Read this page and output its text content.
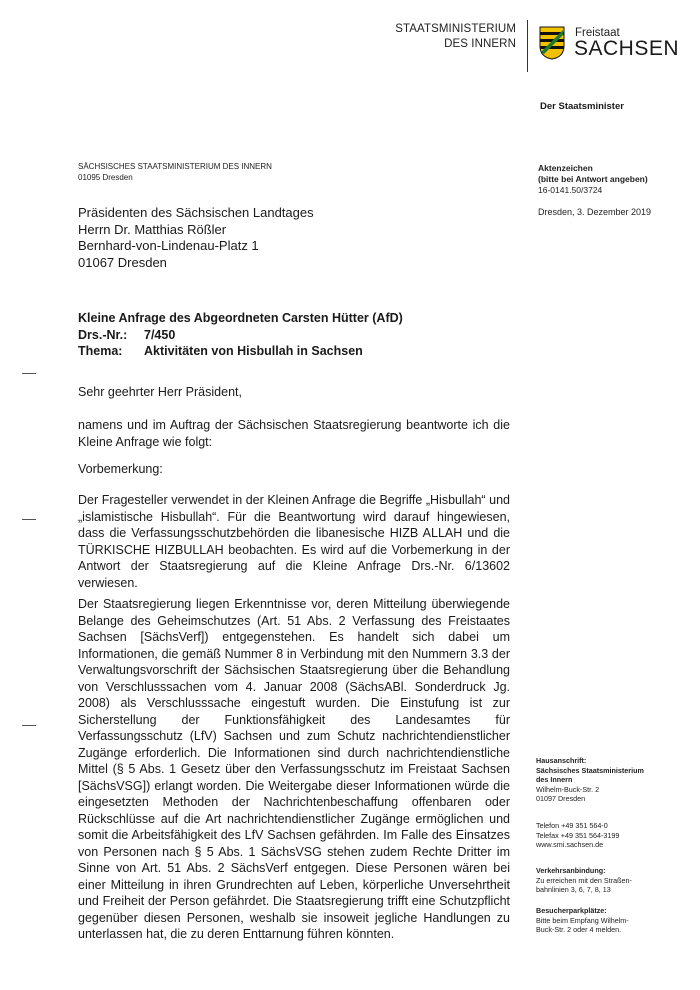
STAATSMINISTERIUM
DES INNERN
Freistaat
SACHSEN
Der Staatsminister
SÄCHSISCHES STAATSMINISTERIUM DES INNERN
01095 Dresden
Präsidenten des Sächsischen Landtages
Herrn Dr. Matthias Rößler
Bernhard-von-Lindenau-Platz 1
01067 Dresden
Aktenzeichen
(bitte bei Antwort angeben)
16-0141.50/3724
Dresden, 3. Dezember 2019
Kleine Anfrage des Abgeordneten Carsten Hütter (AfD)
Drs.-Nr.: 7/450
Thema: Aktivitäten von Hisbullah in Sachsen
Sehr geehrter Herr Präsident,
namens und im Auftrag der Sächsischen Staatsregierung beantworte ich die Kleine Anfrage wie folgt:
Vorbemerkung:
Der Fragesteller verwendet in der Kleinen Anfrage die Begriffe „Hisbullah“ und „islamistische Hisbullah“. Für die Beantwortung wird darauf hingewiesen, dass die Verfassungsschutzbehörden die libanesische HIZB ALLAH und die TÜRKISCHE HIZBULLAH beobachten. Es wird auf die Vorbemerkung in der Antwort der Staatsregierung auf die Kleine Anfrage Drs.-Nr. 6/13602 verwiesen.
Der Staatsregierung liegen Erkenntnisse vor, deren Mitteilung überwiegende Belange des Geheimschutzes (Art. 51 Abs. 2 Verfassung des Freistaates Sachsen [SächsVerf]) entgegenstehen. Es handelt sich dabei um Informationen, die gemäß Nummer 8 in Verbindung mit den Nummern 3.3 der Verwaltungsvorschrift der Sächsischen Staatsregierung über die Behandlung von Verschlusssachen vom 4. Januar 2008 (SächsABl. Sonderdruck Jg. 2008) als Verschlusssache eingestuft wurden. Die Einstufung ist zur Sicherstellung der Funktionsfähigkeit des Landesamtes für Verfassungsschutz (LfV) Sachsen und zum Schutz nachrichtendienstlicher Zugänge erforderlich. Die Informationen sind durch nachrichtendienstliche Mittel (§ 5 Abs. 1 Gesetz über den Verfassungsschutz im Freistaat Sachsen [SächsVSG]) erlangt worden. Die Weitergabe dieser Informationen würde die eingesetzten Methoden der Nachrichtenbeschaffung offenbaren oder Rückschlüsse auf die Art nachrichtendienstlicher Zugänge ermöglichen und somit die Arbeitsfähigkeit des LfV Sachsen gefährden. Im Falle des Einsatzes von Personen nach § 5 Abs. 1 SächsVSG stehen zudem Rechte Dritter im Sinne von Art. 51 Abs. 2 SächsVerf entgegen. Diese Personen wären bei einer Mitteilung in ihren Grundrechten auf Leben, körperliche Unversehrtheit und Freiheit der Person gefährdet. Die Staatsregierung trifft eine Schutzpflicht gegenüber diesen Personen, weshalb sie insoweit jegliche Handlungen zu unterlassen hat, die zu deren Enttarnung führen könnten.
Hausanschrift:
Sächsisches Staatsministerium
des Innern
Wilhelm-Buck-Str. 2
01097 Dresden
Telefon +49 351 564-0
Telefax +49 351 564-3199
www.smi.sachsen.de
Verkehrsanbindung:
Zu erreichen mit den Straßen-
bahnlinien 3, 6, 7, 8, 13
Besucherparkplätze:
Bitte beim Empfang Wilhelm-
Buck-Str. 2 oder 4 melden.
